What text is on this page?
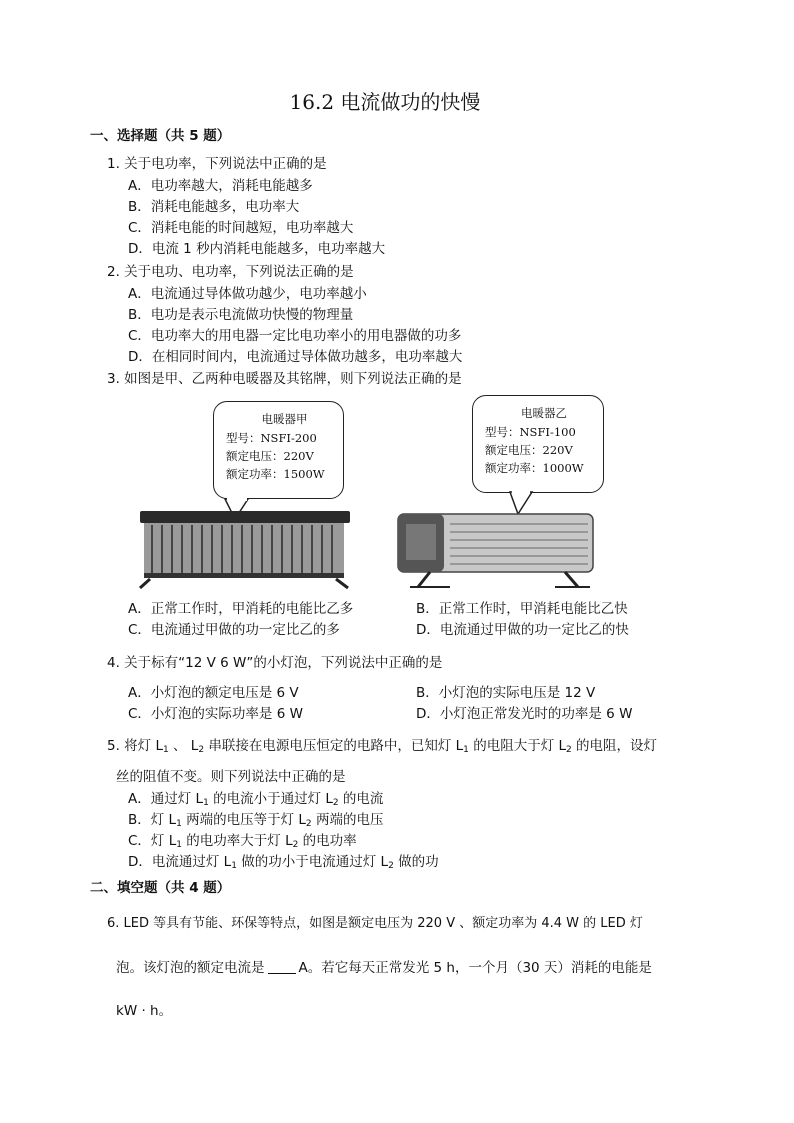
16.2 电流做功的快慢
一、选择题（共 5 题）
1. 关于电功率，下列说法中正确的是
A．电功率越大，消耗电能越多
B．消耗电能越多，电功率大
C．消耗电能的时间越短，电功率越大
D．电流 1 秒内消耗电能越多，电功率越大
2. 关于电功、电功率，下列说法正确的是
A．电流通过导体做功越少，电功率越小
B．电功是表示电流做功快慢的物理量
C．电功率大的用电器一定比电功率小的用电器做的功多
D．在相同时间内，电流通过导体做功越多，电功率越大
3. 如图是甲、乙两种电暖器及其铭牌，则下列说法正确的是
电暖器甲
型号：NSFI-200
额定电压：220V
额定功率：1500W
电暖器乙
型号：NSFI-100
额定电压：220V
额定功率：1000W
A．正常工作时，甲消耗的电能比乙多	B．正常工作时，甲消耗电能比乙快
C．电流通过甲做的功一定比乙的多	D．电流通过甲做的功一定比乙的快
4. 关于标有“12 V 6 W”的小灯泡，下列说法中正确的是
A．小灯泡的额定电压是 6 V	B．小灯泡的实际电压是 12 V
C．小灯泡的实际功率是 6 W	D．小灯泡正常发光时的功率是 6 W
5. 将灯 $L_1$ 、 $L_2$ 串联接在电源电压恒定的电路中，已知灯 $L_1$ 的电阻大于灯 $L_2$ 的电阻，设灯
丝的阻值不变。则下列说法中正确的是
A．通过灯 $L_1$ 的电流小于通过灯 $L_2$ 的电流
B．灯 $L_1$ 两端的电压等于灯 $L_2$ 两端的电压
C．灯 $L_1$ 的电功率大于灯 $L_2$ 的电功率
D．电流通过灯 $L_1$ 做的功小于电流通过灯 $L_2$ 做的功
二、填空题（共 4 题）
6. LED 等具有节能、环保等特点，如图是额定电压为 220 V 、额定功率为 4.4 W 的 LED 灯
泡。该灯泡的额定电流是	A。若它每天正常发光 5 h，一个月（30 天）消耗的电能是
kW · h。
